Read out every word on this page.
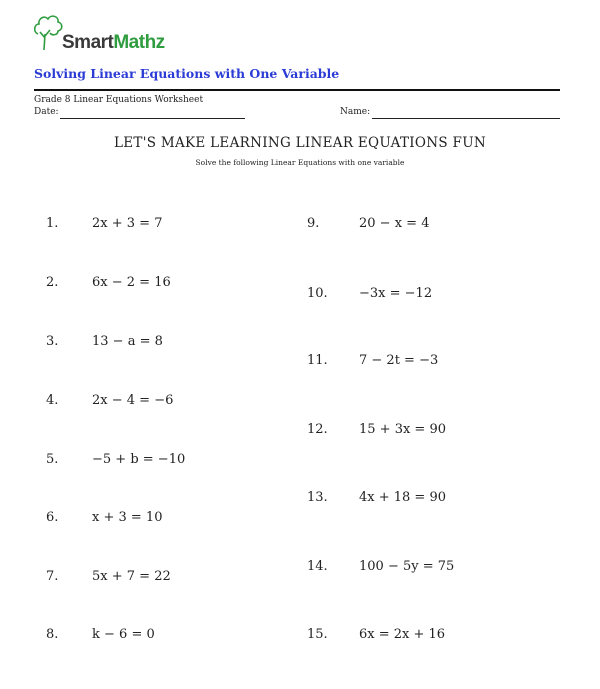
SmartMathz
Solving Linear Equations with One Variable
Grade 8 Linear Equations Worksheet
Date:	Name:
LET'S MAKE LEARNING LINEAR EQUATIONS FUN
Solve the following Linear Equations with one variable
1.	2x + 3 = 7
2.	6x − 2 = 16
3.	13 − a = 8
4.	2x − 4 = −6
5.	−5 + b = −10
6.	x + 3 = 10
7.	5x + 7 = 22
8.	k − 6 = 0
9.	20 − x = 4
10. −3x = −12
11. 7 − 2t = −3
12. 15 + 3x = 90
13. 4x + 18 = 90
14. 100 − 5y = 75
15. 6x = 2x + 16
